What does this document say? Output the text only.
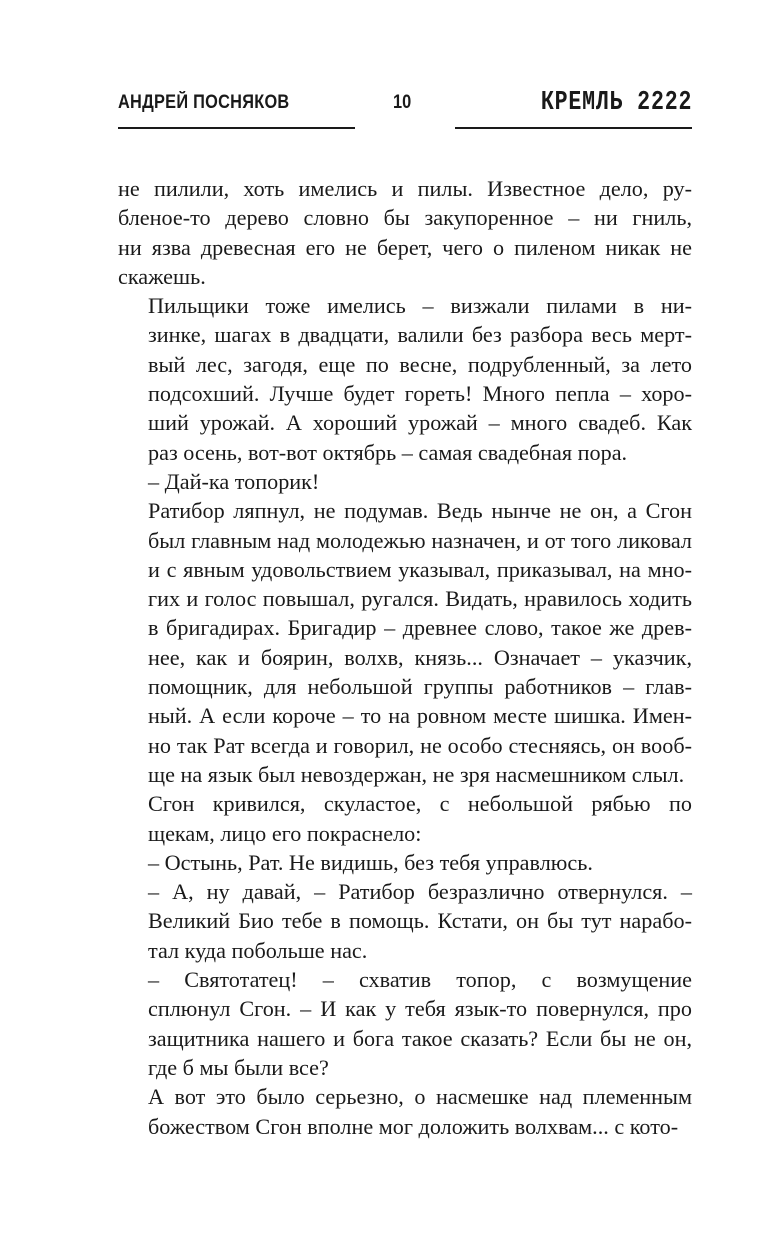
АНДРЕЙ ПОСНЯКОВ	10	КРЕМЛЬ 2222

не пилили, хоть имелись и пилы. Известное дело, ру-
бленое-то дерево словно бы закупоренное – ни гниль,
ни язва древесная его не берет, чего о пиленом никак не
скажешь.

Пильщики тоже имелись – визжали пилами в ни-
зинке, шагах в двадцати, валили без разбора весь мерт-
вый лес, загодя, еще по весне, подрубленный, за лето
подсохший. Лучше будет гореть! Много пепла – хоро-
ший урожай. А хороший урожай – много свадеб. Как
раз осень, вот-вот октябрь – самая свадебная пора.

– Дай-ка топорик!

Ратибор ляпнул, не подумав. Ведь нынче не он, а Сгон
был главным над молодежью назначен, и от того ликовал
и с явным удовольствием указывал, приказывал, на мно-
гих и голос повышал, ругался. Видать, нравилось ходить
в бригадирах. Бригадир – древнее слово, такое же древ-
нее, как и боярин, волхв, князь... Означает – указчик,
помощник, для небольшой группы работников – глав-
ный. А если короче – то на ровном месте шишка. Имен-
но так Рат всегда и говорил, не особо стесняясь, он вооб-
ще на язык был невоздержан, не зря насмешником слыл.

Сгон кривился, скуластое, с небольшой рябью по
щекам, лицо его покраснело:

– Остынь, Рат. Не видишь, без тебя управлюсь.

– А, ну давай, – Ратибор безразлично отвернулся. –
Великий Био тебе в помощь. Кстати, он бы тут нарабо-
тал куда побольше нас.

– Святотатец! – схватив топор, с возмущение
сплюнул Сгон. – И как у тебя язык-то повернулся, про
защитника нашего и бога такое сказать? Если бы не он,
где б мы были все?

А вот это было серьезно, о насмешке над племенным
божеством Сгон вполне мог доложить волхвам... с кото-
